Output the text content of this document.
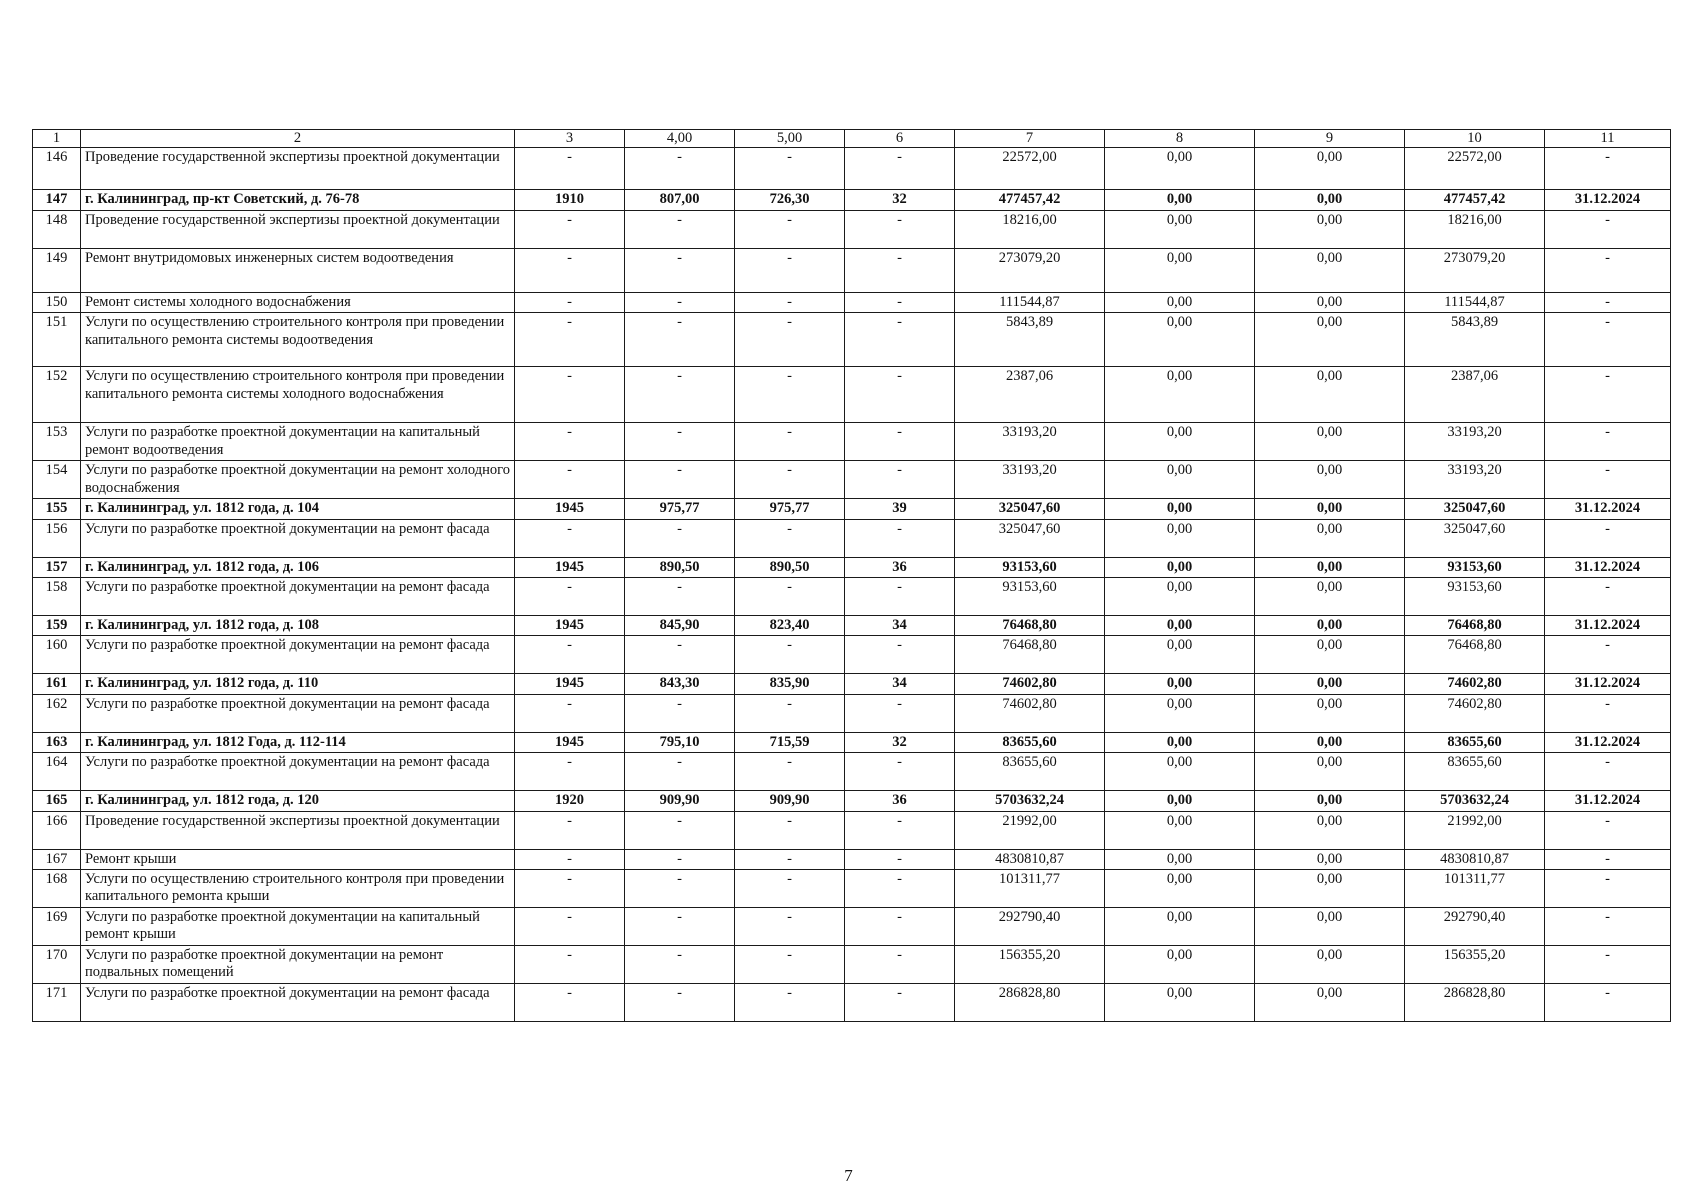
1	2	3	4,00	5,00	6	7	8	9	10	11
146	Проведение государственной экспертизы проектной документации	-	-	-	-	22572,00	0,00	0,00	22572,00	-
147	г. Калининград, пр-кт Советский, д. 76-78	1910	807,00	726,30	32	477457,42	0,00	0,00	477457,42	31.12.2024
148	Проведение государственной экспертизы проектной документации	-	-	-	-	18216,00	0,00	0,00	18216,00	-
149	Ремонт внутридомовых инженерных систем водоотведения	-	-	-	-	273079,20	0,00	0,00	273079,20	-
150	Ремонт системы холодного водоснабжения	-	-	-	-	111544,87	0,00	0,00	111544,87	-
151	Услуги по осуществлению строительного контроля при проведении капитального ремонта системы водоотведения	-	-	-	-	5843,89	0,00	0,00	5843,89	-
152	Услуги по осуществлению строительного контроля при проведении капитального ремонта системы холодного водоснабжения	-	-	-	-	2387,06	0,00	0,00	2387,06	-
153	Услуги по разработке проектной документации на капитальный ремонт водоотведения	-	-	-	-	33193,20	0,00	0,00	33193,20	-
154	Услуги по разработке проектной документации на ремонт холодного водоснабжения	-	-	-	-	33193,20	0,00	0,00	33193,20	-
155	г. Калининград, ул. 1812 года, д. 104	1945	975,77	975,77	39	325047,60	0,00	0,00	325047,60	31.12.2024
156	Услуги по разработке проектной документации на ремонт фасада	-	-	-	-	325047,60	0,00	0,00	325047,60	-
157	г. Калининград, ул. 1812 года, д. 106	1945	890,50	890,50	36	93153,60	0,00	0,00	93153,60	31.12.2024
158	Услуги по разработке проектной документации на ремонт фасада	-	-	-	-	93153,60	0,00	0,00	93153,60	-
159	г. Калининград, ул. 1812 года, д. 108	1945	845,90	823,40	34	76468,80	0,00	0,00	76468,80	31.12.2024
160	Услуги по разработке проектной документации на ремонт фасада	-	-	-	-	76468,80	0,00	0,00	76468,80	-
161	г. Калининград, ул. 1812 года, д. 110	1945	843,30	835,90	34	74602,80	0,00	0,00	74602,80	31.12.2024
162	Услуги по разработке проектной документации на ремонт фасада	-	-	-	-	74602,80	0,00	0,00	74602,80	-
163	г. Калининград, ул. 1812 Года, д. 112-114	1945	795,10	715,59	32	83655,60	0,00	0,00	83655,60	31.12.2024
164	Услуги по разработке проектной документации на ремонт фасада	-	-	-	-	83655,60	0,00	0,00	83655,60	-
165	г. Калининград, ул. 1812 года, д. 120	1920	909,90	909,90	36	5703632,24	0,00	0,00	5703632,24	31.12.2024
166	Проведение государственной экспертизы проектной документации	-	-	-	-	21992,00	0,00	0,00	21992,00	-
167	Ремонт крыши	-	-	-	-	4830810,87	0,00	0,00	4830810,87	-
168	Услуги по осуществлению строительного контроля при проведении капитального ремонта крыши	-	-	-	-	101311,77	0,00	0,00	101311,77	-
169	Услуги по разработке проектной документации на капитальный ремонт крыши	-	-	-	-	292790,40	0,00	0,00	292790,40	-
170	Услуги по разработке проектной документации на ремонт подвальных помещений	-	-	-	-	156355,20	0,00	0,00	156355,20	-
171	Услуги по разработке проектной документации на ремонт фасада	-	-	-	-	286828,80	0,00	0,00	286828,80	-
7
